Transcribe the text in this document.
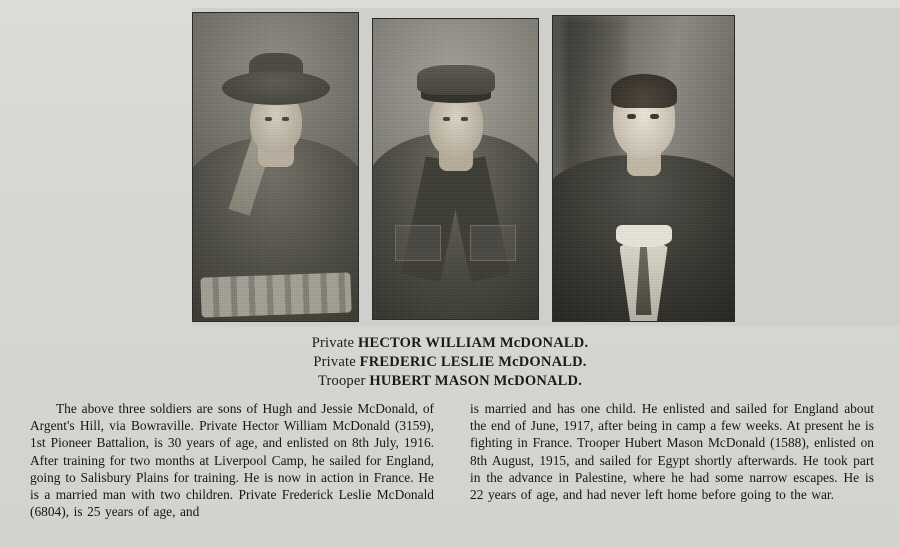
Private HECTOR WILLIAM McDONALD.
Private FREDERIC LESLIE McDONALD.
Trooper HUBERT MASON McDONALD.

The above three soldiers are sons of Hugh and Jessie McDonald, of Argent's Hill, via Bowraville. Private Hector William McDonald (3159), 1st Pioneer Battalion, is 30 years of age, and enlisted on 8th July, 1916. After training for two months at Liverpool Camp, he sailed for England, going to Salisbury Plains for training. He is now in action in France. He is a married man with two children. Private Frederick Leslie McDonald (6804), is 25 years of age, and

is married and has one child. He enlisted and sailed for England about the end of June, 1917, after being in camp a few weeks. At present he is fighting in France. Trooper Hubert Mason McDonald (1588), enlisted on 8th August, 1915, and sailed for Egypt shortly afterwards. He took part in the advance in Palestine, where he had some narrow escapes. He is 22 years of age, and had never left home before going to the war.
